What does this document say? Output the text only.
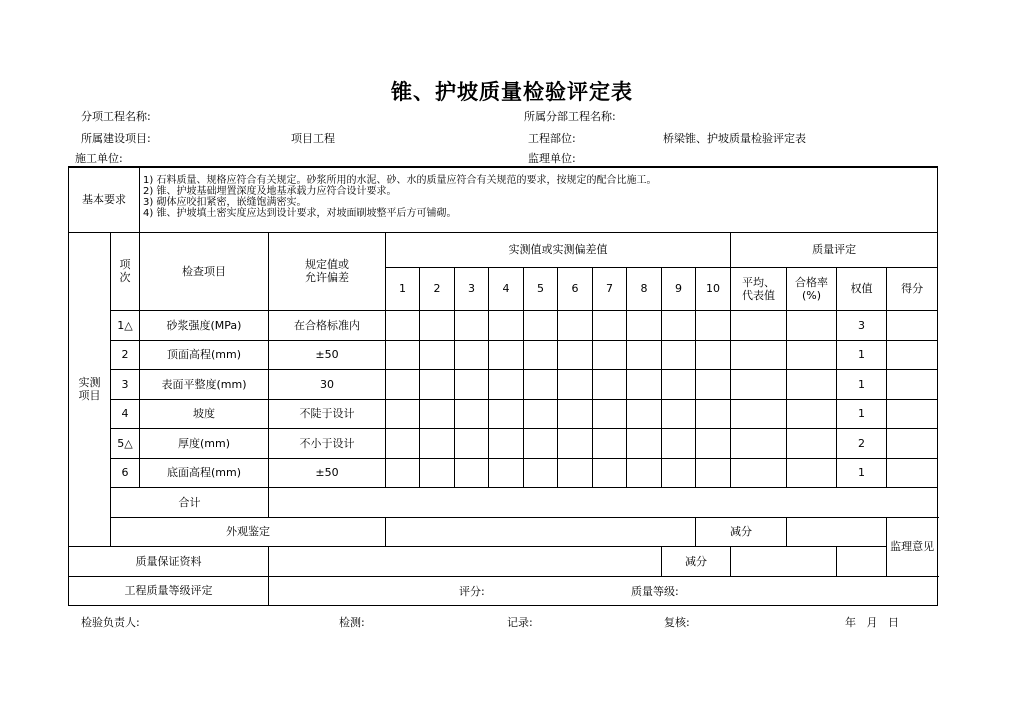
锥、护坡质量检验评定表
分项工程名称:	所属分部工程名称:
所属建设项目:	项目工程	工程部位:	桥梁锥、护坡质量检验评定表
施工单位:	监理单位:
基本要求		1) 石料质量、规格应符合有关规定。砂浆所用的水泥、砂、水的质量应符合有关规范的要求，按规定的配合比施工。
2) 锥、护坡基础埋置深度及地基承载力应符合设计要求。
3) 砌体应咬扣紧密，嵌缝饱满密实。
4) 锥、护坡填土密实度应达到设计要求，对坡面刷坡整平后方可铺砌。																

实测项目	项次	检查项目	规定值或允许偏差	实测值或实测偏差值										质量评定				
				1	2	3	4	5	6	7	8	9	10	平均、代表值	合格率(%)	权值	得分	
	1△	砂浆强度(MPa)	在合格标准内													3		
	2	顶面高程(mm)	±50													1		
	3	表面平整度(mm)	30													1		
	4	坡度	不陡于设计													1		
	5△	厚度(mm)	不小于设计													2		
	6	底面高程(mm)	±50													1		
	合计																	
	外观鉴定												减分				监理意见	
质量保证资料												减分						
工程质量等级评定			评分: 质量等级:															
检验负责人:	检测:	记录:	复核:	年   月   日
